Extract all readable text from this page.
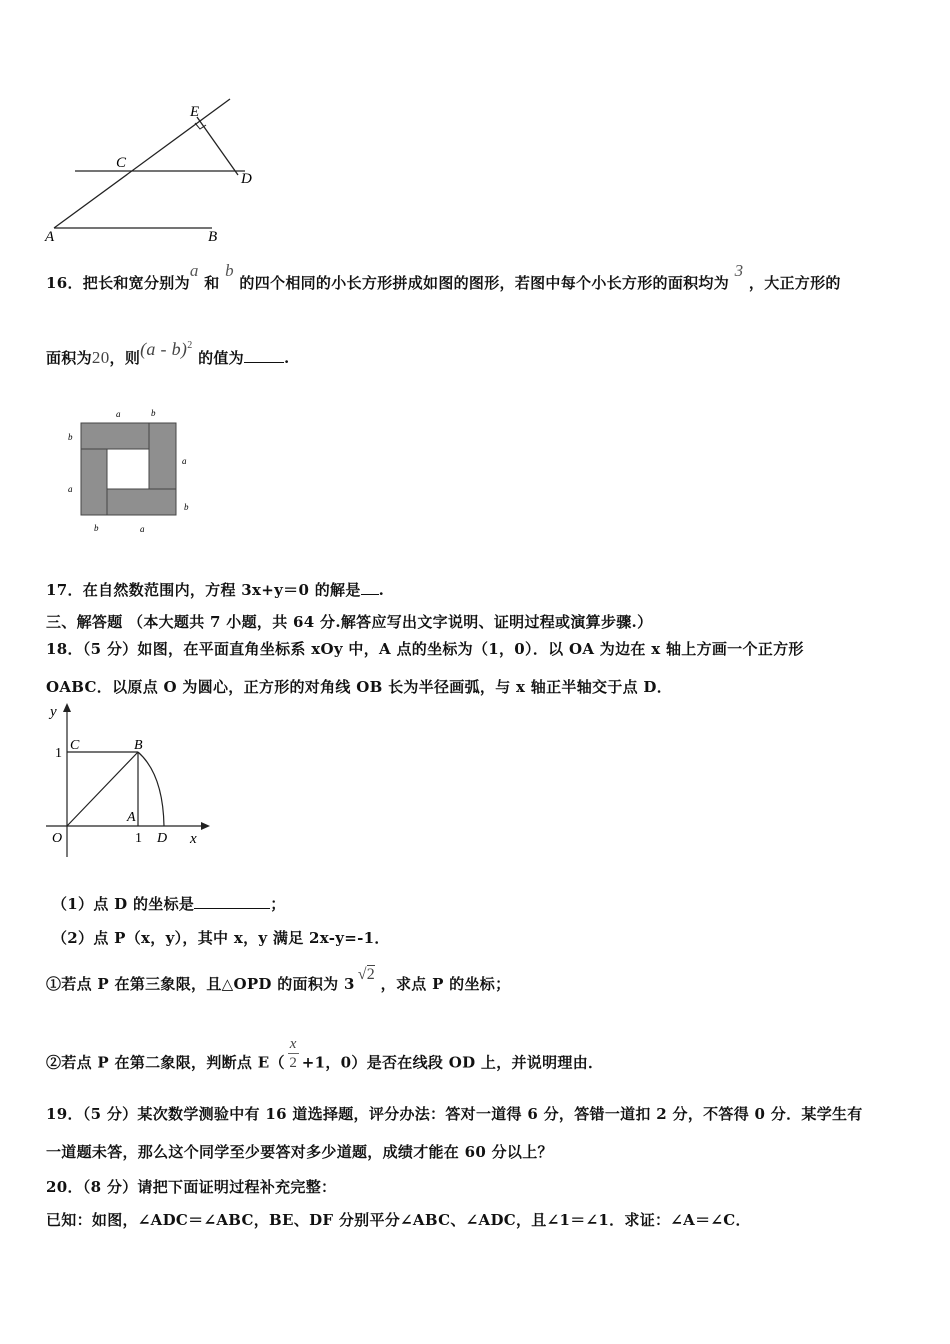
E
C
D
A	B
16．把长和宽分别为a 和 b 的四个相同的小长方形拼成如图的图形，若图中每个小长方形的面积均为 3 ，大正方形的
面积为20，则(a - b)$^2$ 的值为	.
a	b
b
a
a
b
b	a
17．在自然数范围内，方程 3x+y＝0 的解是 .
三、解答题 （本大题共 7 小题，共 64 分.解答应写出文字说明、证明过程或演算步骤.）
18．（5 分）如图，在平面直角坐标系 xOy 中，A 点的坐标为（1，0）．以 OA 为边在 x 轴上方画一个正方形
OABC．以原点 O 为圆心，正方形的对角线 OB 长为半径画弧，与 x 轴正半轴交于点 D．
y
x
1
C	B
A
O	1 D
（1）点 D 的坐标是	；
（2）点 P（x，y），其中 x，y 满足 2x-y=-1．
①若点 P 在第三象限，且△OPD 的面积为 3√2 ，求点 P 的坐标；
②若点 P 在第二象限，判断点 $E( \frac{x}{2} +1$，0）是否在线段 OD 上，并说明理由．
19．（5 分）某次数学测验中有 16 道选择题，评分办法：答对一道得 6 分，答错一道扣 2 分，不答得 0 分．某学生有
一道题未答，那么这个同学至少要答对多少道题，成绩才能在 60 分以上？
20．（8 分）请把下面证明过程补充完整：
已知：如图，∠ADC＝∠ABC，BE、DF 分别平分∠ABC、∠ADC，且∠1＝∠1．求证：∠A＝∠C．
